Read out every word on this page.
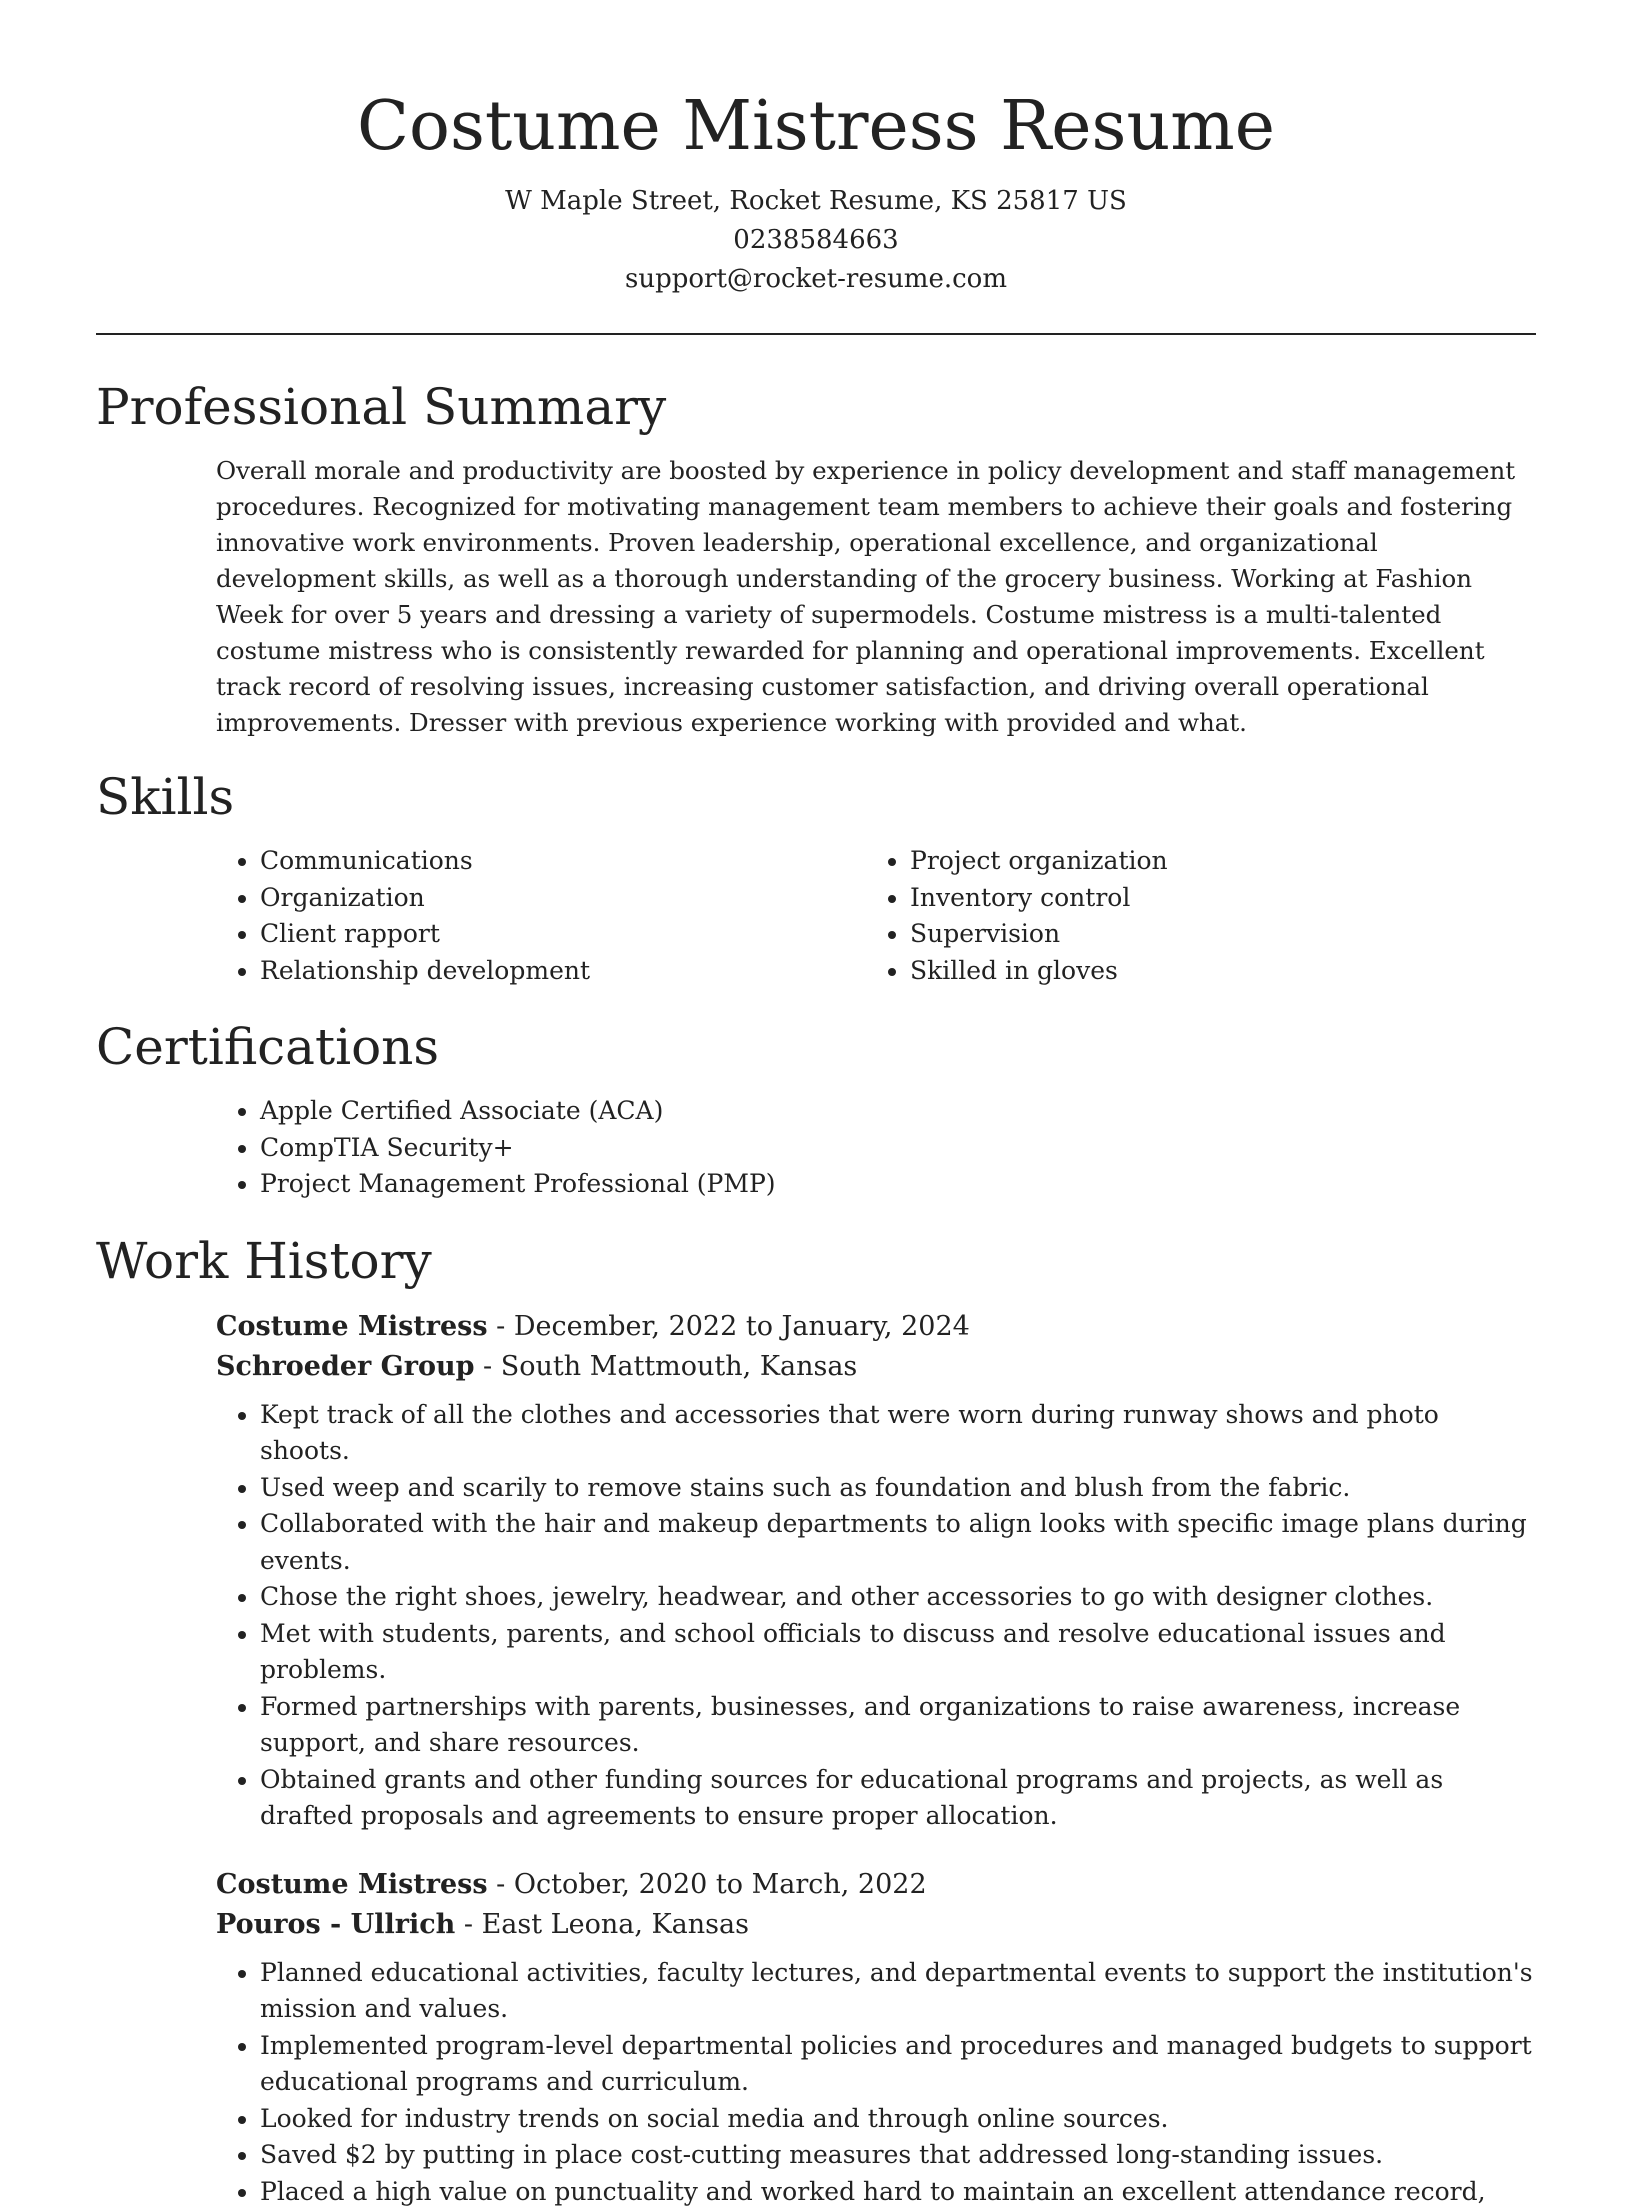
Costume Mistress Resume

W Maple Street, Rocket Resume, KS 25817 US

0238584663

support@rocket-resume.com

Professional Summary

Overall morale and productivity are boosted by experience in policy development and staff management procedures. Recognized for motivating management team members to achieve their goals and fostering innovative work environments. Proven leadership, operational excellence, and organizational development skills, as well as a thorough understanding of the grocery business. Working at Fashion Week for over 5 years and dressing a variety of supermodels. Costume mistress is a multi-talented costume mistress who is consistently rewarded for planning and operational improvements. Excellent track record of resolving issues, increasing customer satisfaction, and driving overall operational improvements. Dresser with previous experience working with provided and what.

Skills
• Communications
• Organization
• Client rapport
• Relationship development
• Project organization
• Inventory control
• Supervision
• Skilled in gloves
Certifications
• Apple Certified Associate (ACA)
• CompTIA Security+
• Project Management Professional (PMP)
Work History

Costume Mistress - December, 2022 to January, 2024

Schroeder Group - South Mattmouth, Kansas

• Kept track of all the clothes and accessories that were worn during runway shows and photo shoots.
• Used weep and scarily to remove stains such as foundation and blush from the fabric.
• Collaborated with the hair and makeup departments to align looks with specific image plans during events.
• Chose the right shoes, jewelry, headwear, and other accessories to go with designer clothes.
• Met with students, parents, and school officials to discuss and resolve educational issues and problems.
• Formed partnerships with parents, businesses, and organizations to raise awareness, increase support, and share resources.
• Obtained grants and other funding sources for educational programs and projects, as well as drafted proposals and agreements to ensure proper allocation.

Costume Mistress - October, 2020 to March, 2022

Pouros - Ullrich - East Leona, Kansas

• Planned educational activities, faculty lectures, and departmental events to support the institution's mission and values.
• Implemented program-level departmental policies and procedures and managed budgets to support educational programs and curriculum.
• Looked for industry trends on social media and through online sources.
• Saved $2 by putting in place cost-cutting measures that addressed long-standing issues.
• Placed a high value on punctuality and worked hard to maintain an excellent attendance record,
